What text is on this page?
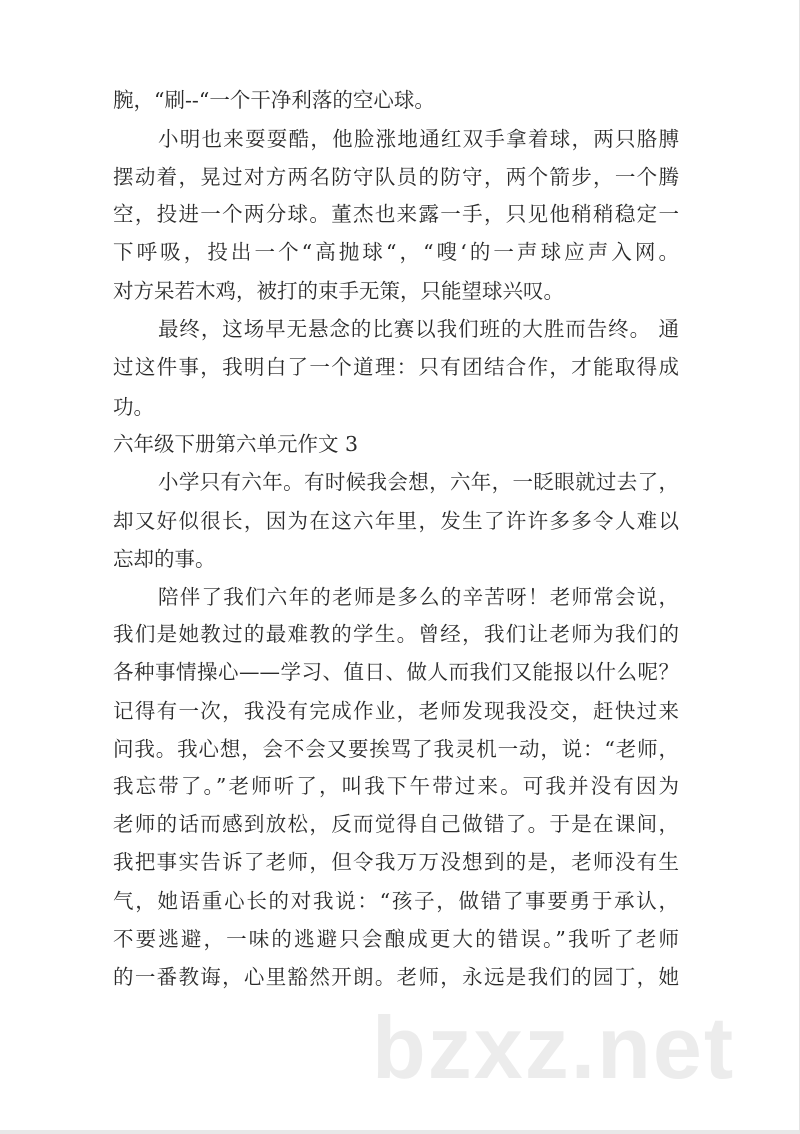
腕，“刷--“一个干净利落的空心球。
小明也来耍耍酷，他脸涨地通红双手拿着球，两只胳膊
摆动着，晃过对方两名防守队员的防守，两个箭步，一个腾
空，投进一个两分球。董杰也来露一手，只见他稍稍稳定一
下呼吸，投出一个“高抛球“，“嗖‘的一声球应声入网。
对方呆若木鸡，被打的束手无策，只能望球兴叹。
最终，这场早无悬念的比赛以我们班的大胜而告终。 通
过这件事，我明白了一个道理：只有团结合作，才能取得成
功。
六年级下册第六单元作文 3
小学只有六年。有时候我会想，六年，一眨眼就过去了，
却又好似很长，因为在这六年里，发生了许许多多令人难以
忘却的事。
陪伴了我们六年的老师是多么的辛苦呀！老师常会说，
我们是她教过的最难教的学生。曾经，我们让老师为我们的
各种事情操心——学习、值日、做人而我们又能报以什么呢？
记得有一次，我没有完成作业，老师发现我没交，赶快过来
问我。我心想，会不会又要挨骂了我灵机一动，说：“老师，
我忘带了。”老师听了，叫我下午带过来。可我并没有因为
老师的话而感到放松，反而觉得自己做错了。于是在课间，
我把事实告诉了老师，但令我万万没想到的是，老师没有生
气，她语重心长的对我说：“孩子，做错了事要勇于承认，
不要逃避，一味的逃避只会酿成更大的错误。”我听了老师
的一番教诲，心里豁然开朗。老师，永远是我们的园丁，她
bzxz.net
